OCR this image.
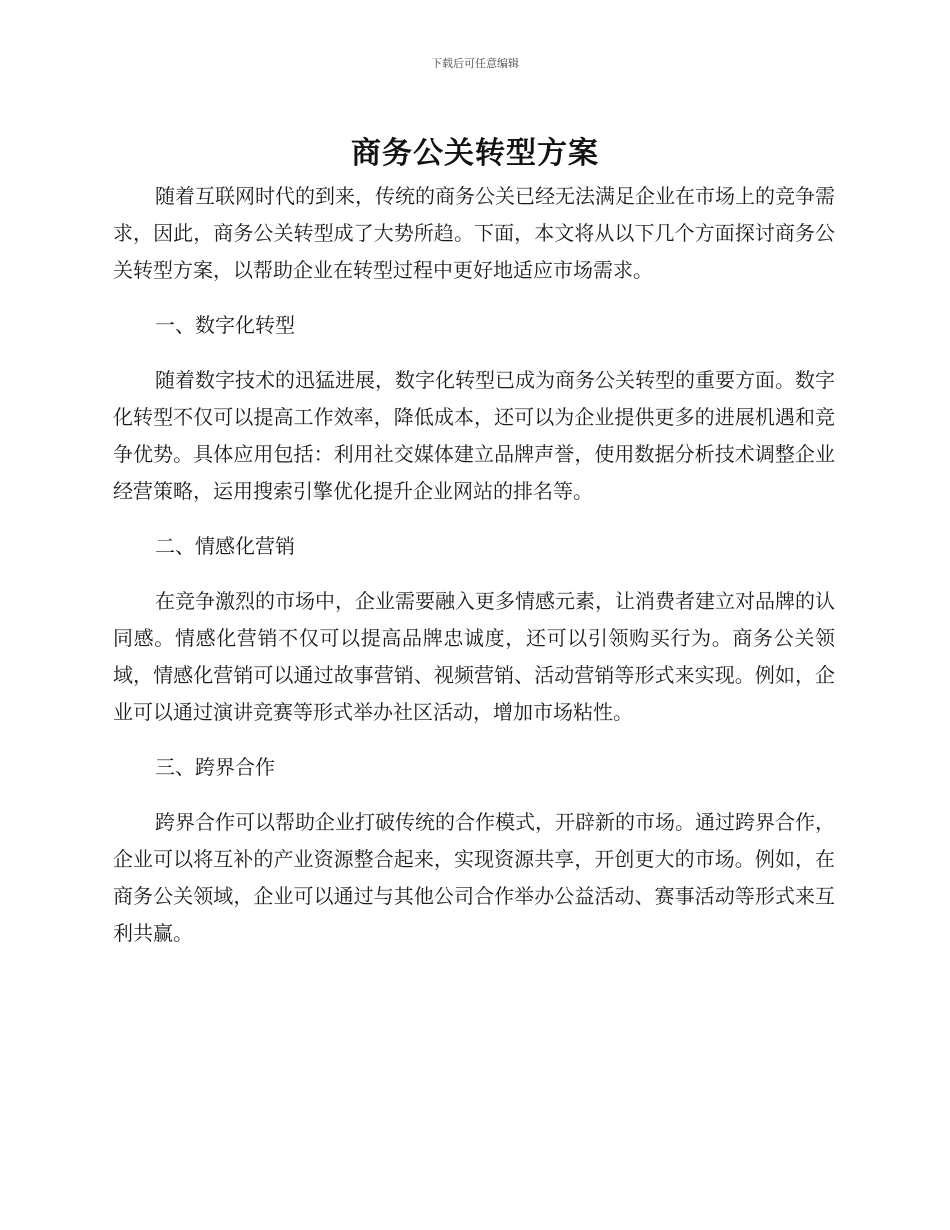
下载后可任意编辑
商务公关转型方案

随着互联网时代的到来，传统的商务公关已经无法满足企业在市场上的竞争需求，因此，商务公关转型成了大势所趋。下面，本文将从以下几个方面探讨商务公关转型方案，以帮助企业在转型过程中更好地适应市场需求。

一、数字化转型

随着数字技术的迅猛进展，数字化转型已成为商务公关转型的重要方面。数字化转型不仅可以提高工作效率，降低成本，还可以为企业提供更多的进展机遇和竞争优势。具体应用包括：利用社交媒体建立品牌声誉，使用数据分析技术调整企业经营策略，运用搜索引擎优化提升企业网站的排名等。

二、情感化营销

在竞争激烈的市场中，企业需要融入更多情感元素，让消费者建立对品牌的认同感。情感化营销不仅可以提高品牌忠诚度，还可以引领购买行为。商务公关领域，情感化营销可以通过故事营销、视频营销、活动营销等形式来实现。例如，企业可以通过演讲竞赛等形式举办社区活动，增加市场粘性。

三、跨界合作

跨界合作可以帮助企业打破传统的合作模式，开辟新的市场。通过跨界合作，企业可以将互补的产业资源整合起来，实现资源共享，开创更大的市场。例如，在商务公关领域，企业可以通过与其他公司合作举办公益活动、赛事活动等形式来互利共赢。
